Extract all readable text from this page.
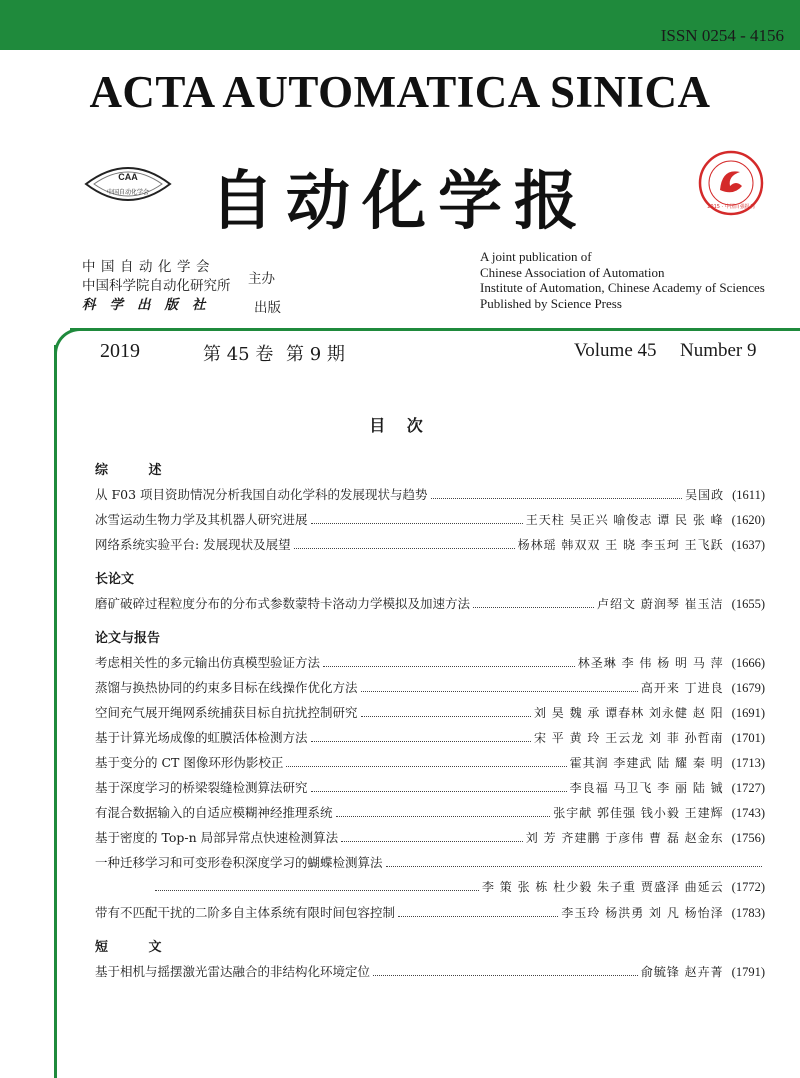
ISSN 0254 - 4156
ACTA AUTOMATICA SINICA
CAA
中国自动化学会 自动化学报	2015 · 中国百强报刊
中国自动化学会
中国科学院自动化研究所
科学出版社
主办
出版
A joint publication of
Chinese Association of Automation
Institute of Automation, Chinese Academy of Sciences
Published by Science Press
2019	第 45 卷 第 9 期	Volume 45 Number 9
目 次
综 述
从 F03 项目资助情况分析我国自动化学科的发展现状与趋势	吴国政 (1611)
冰雪运动生物力学及其机器人研究进展	王天柱 吴正兴 喻俊志 谭 民 张 峰 (1620)
网络系统实验平台: 发展现状及展望	杨林瑶 韩双双 王 晓 李玉珂 王飞跃 (1637)
长论文
磨矿破碎过程粒度分布的分布式参数蒙特卡洛动力学模拟及加速方法	卢绍文 蔚润琴 崔玉洁 (1655)
论文与报告
考虑相关性的多元输出仿真模型验证方法	林圣琳 李 伟 杨 明 马 萍 (1666)
蒸馏与换热协同的约束多目标在线操作优化方法	高开来 丁进良 (1679)
空间充气展开绳网系统捕获目标自抗扰控制研究	刘 昊 魏 承 谭春林 刘永健 赵 阳 (1691)
基于计算光场成像的虹膜活体检测方法	宋 平 黄 玲 王云龙 刘 菲 孙哲南 (1701)
基于变分的 CT 图像环形伪影校正	霍其润 李建武 陆 耀 秦 明 (1713)
基于深度学习的桥梁裂缝检测算法研究	李良福 马卫飞 李 丽 陆 铖 (1727)
有混合数据输入的自适应模糊神经推理系统	张宇献 郭佳强 钱小毅 王建辉 (1743)
基于密度的 Top-n 局部异常点快速检测算法	刘 芳 齐建鹏 于彦伟 曹 磊 赵金东 (1756)
一种迁移学习和可变形卷积深度学习的蝴蝶检测算法
李 策 张 栋 杜少毅 朱子重 贾盛泽 曲延云 (1772)
带有不匹配干扰的二阶多自主体系统有限时间包容控制	李玉玲 杨洪勇 刘 凡 杨怡泽 (1783)
短 文
基于相机与摇摆激光雷达融合的非结构化环境定位	俞毓锋 赵卉菁 (1791)
